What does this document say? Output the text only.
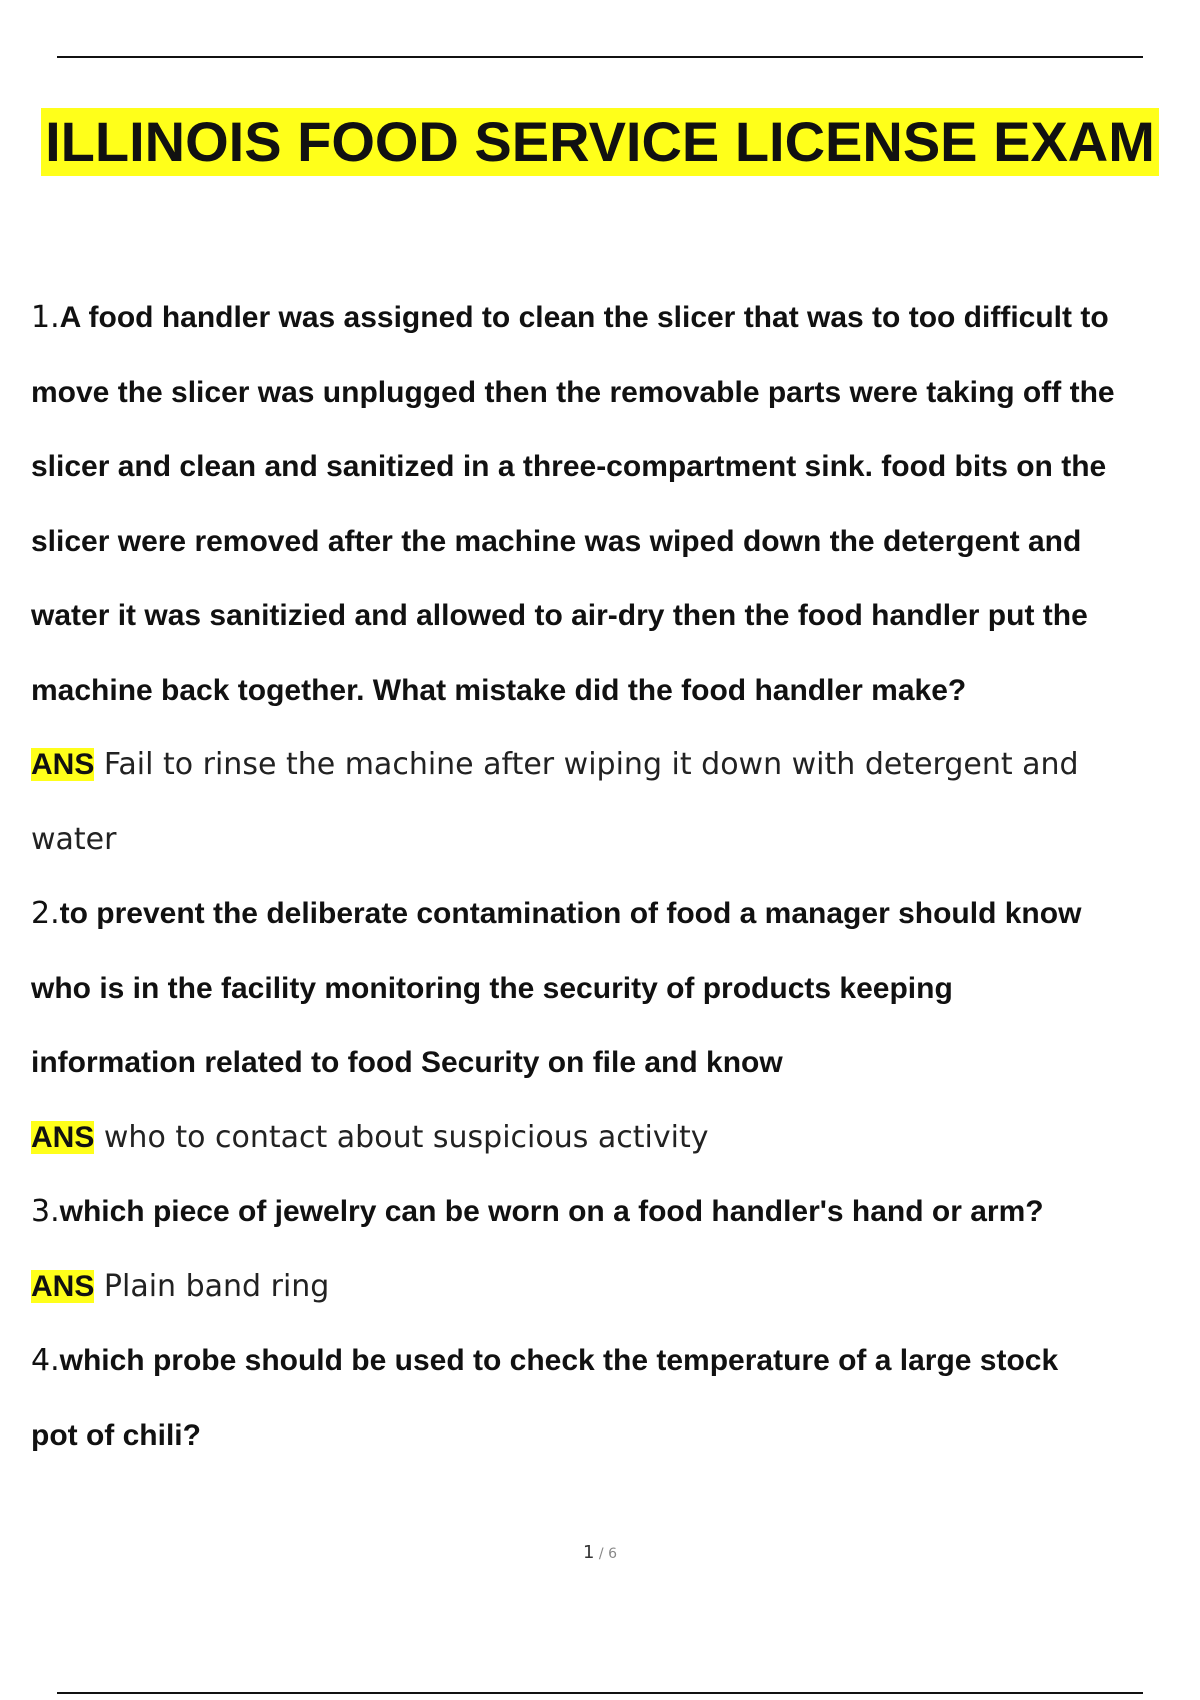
ILLINOIS FOOD SERVICE LICENSE EXAM
1.A food handler was assigned to clean the slicer that was to too difficult to
move the slicer was unplugged then the removable parts were taking off the
slicer and clean and sanitized in a three-compartment sink. food bits on the
slicer were removed after the machine was wiped down the detergent and
water it was sanitizied and allowed to air-dry then the food handler put the
machine back together. What mistake did the food handler make?
ANS Fail to rinse the machine after wiping it down with detergent and
water
2.to prevent the deliberate contamination of food a manager should know
who is in the facility monitoring the security of products keeping
information related to food Security on file and know
ANS who to contact about suspicious activity
3.which piece of jewelry can be worn on a food handler's hand or arm?
ANS Plain band ring
4.which probe should be used to check the temperature of a large stock
pot of chili?
1 / 6
